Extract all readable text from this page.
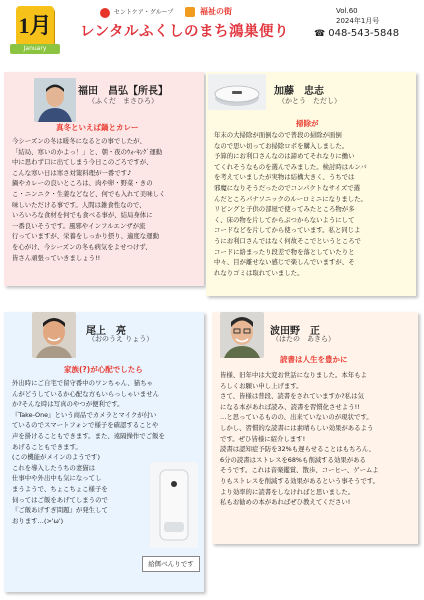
1月
January
セントケア・グループ	福祉の街
レンタルふくしのまち鴻巣便り
Vol.60
2024年1月号
☎ 048-543-5848
福田　昌弘【所長】
（ふくだ　まさひろ）
真冬といえば鍋とカレー
今シーズンの冬は暖冬になるとの事でしたが、
「結局、寒いのかよっ！」と、朝・夜のｳｫｰｷﾝｸﾞ運動
中に思わず口に出てしまう今日このごろですが、
こんな寒い日は寒さ対策料理が一番です♪
鍋やカレーの良いところは、肉や卵・野菜・きの
こ・ニンニク・生姜などなど、何でも入れて美味しく
味しいただける事です。人間は雑食性なので、
いろいろな食材を何でも食べる事が、結局身体に
一番良いそうです。風邪やインフルエンザが流
行っていますが、栄養をしっかり摂り、適度な運動
を心がけ、今シーズンの冬も病気をよせつけず、
皆さん頑張っていきましょう!!
加藤　忠志
（かとう　ただし）
掃除が
年末の大掃除が面倒なので普段の掃除が面倒
なので思い切ってお掃除ロボを購入しました。
予算的にお利口さんなのは諦めてそれなりに働い
てくれそうなものを選んでみました。検討時はルンバ
を考えていましたが実物は結構大きく、うちでは
邪魔になりそうだったのでコンパクトなサイズで選
んだところパナソニックのルーロミニになりました。
リビングと子供の部屋で使ってみたところ物が多
く、床の物を片してからぶつからないようにして
コードなどを片してから使っています。私と同じよ
うにお利口さんではなく何故そこでというところで
コードに絡まったり段差で物を落としていたりと
中々、目が離せない感じで楽しんでいますが、そ
れなりゴミは取れていました。
尾上　亮
（おのうえ りょう）
家族(?)が心配でしたら
外出時にご自宅で留守番中のワンちゃん、猫ちゃ
んがどうしているか心配な方もいらっしゃいません
か?そんな時は写真のやつが便利です。
『Take-One』という商品でカメラとマイクが付い
ているのでスマートフォンで様子を確認することや
声を掛けることもできます。また、遠隔操作でご飯を
あげることもできます。
(この機能がメインのようです)
これを導入したうちの妻猫は
仕事中や外出中も気になってし
まうようで、ちょこちょこ様子を
伺ってはご飯をあげてしまうので
『ご飯あげすぎ問題』が発生して
おります…(>'ω')
給餌べんりです
波田野　正
（はたの　あきら）
読書は人生を豊かに
皆様、旧年中は大変お世話になりました。本年もよ
ろしくお願い申し上げます。
さて、皆様は普段、読書をされていますか?私は気
になる本があれば読み、読書を習慣化させよう!!
…と思っているものの、出来ていないのが現状です。
しかし、習慣的な読書には素晴らしい効果があるよう
です。ぜひ皆様に紹介します!
読書は認知症予防を32%も遅らせることはもちろん、
6分の読書はストレスを68%も削減する効果がある
そうです。これは音楽鑑賞、散歩、コーヒー、ゲームよ
りもストレスを削減する効果があるという事そうです。
より効率的に読書をしなければと思いました。
私もお勧めの本があればぜひ教えてください!
